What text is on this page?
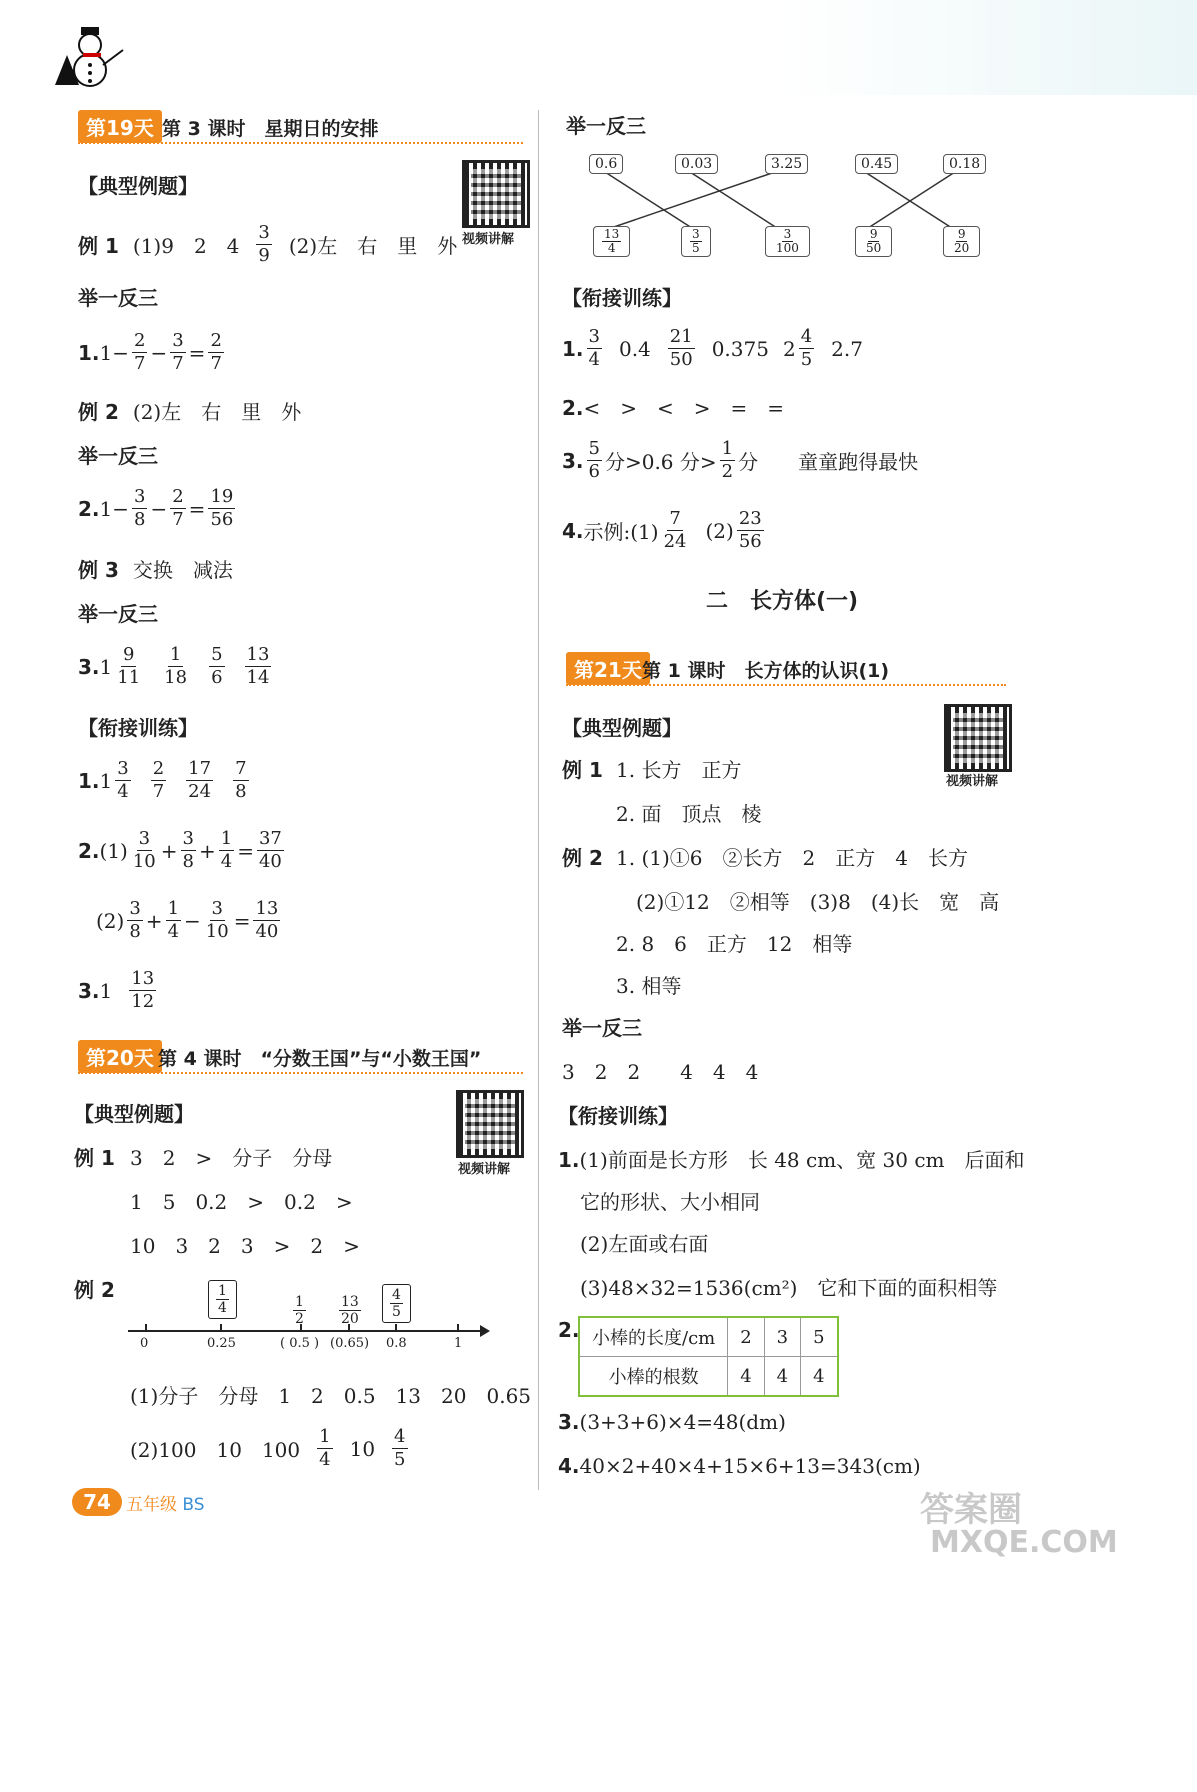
第19天 第 3 课时　星期日的安排
【典型例题】
视频讲解
例 1 (1)9　2　$4 \frac{3}{9} (2)$左　右　里　外
举一反三
1. $1- \frac{2}{7} - \frac{3}{7} = \frac{2}{7}$
例 2 (2)左　右　里　外
举一反三
2. $1- \frac{3}{8} - \frac{2}{7} = \frac{19}{56}$
例 3 交换　减法
举一反三
3. $1 \frac{9}{11} \frac{1}{18} \frac{5}{6} \frac{13}{14}$
【衔接训练】
1. $1 \frac{3}{4} \frac{2}{7} \frac{17}{24} \frac{7}{8}$
2. $(1) \frac{3}{10} + \frac{3}{8} + \frac{1}{4} = \frac{37}{40}$
$(2) \frac{3}{8} + \frac{1}{4} - \frac{3}{10} = \frac{13}{40}$
3. $1 \frac{13}{12}$
第20天 第 4 课时　“分数王国”与“小数王国”
【典型例题】
视频讲解
例 1 3　2　>　分子　分母
1　5　0.2　>　0.2　>
10　3　2　3　>　2　>
例 2
0	0.25	( 0.5 ) (0.65) 0.8	1
$\frac{1}{4}$	$\frac{1}{2} \frac{13}{20} \frac{4}{5}$
(1)分子　分母　1　2　0.5　13　20　0.65
(2)100　10　$100 \frac{1}{4} 10 \frac{4}{5}$
74 五年级 BS
举一反三
0.6	0.03	3.25	0.45	0.18
$\frac{13}{4}$	$\frac{3}{5}$	$\frac{3}{100}$	$\frac{9}{50}$	$\frac{9}{20}$
【衔接训练】
1. $\frac{3}{4} 0.4 \frac{21}{50} 0.375$ $2 \frac{4}{5} 2.7$
2.<　>　<　>　=　=
3. $\frac{5}{6}$ 分>0.6 分> $\frac{1}{2}$ 分　　童童跑得最快
4. 示例:(1) $\frac{7}{24} (2) \frac{23}{56}$
二　长方体(一)
第21天 第 1 课时　长方体的认识(1)
【典型例题】
视频讲解
例 1 1. 长方　正方
2. 面　顶点　棱
例 2 1. (1)①6　②长方　2　正方　4　长方
(2)①12　②相等　(3)8　(4)长　宽　高
2. 8　6　正方　12　相等
3. 相等
举一反三
3　2　2　　4　4　4
【衔接训练】
1.(1)前面是长方形　长 48 cm、宽 30 cm　后面和
它的形状、大小相同
(2)左面或右面
(3)48×32=1536(cm²)　它和下面的面积相等
2. 小棒的长度/cm	2	3	5
小棒的根数	4	4	4
3.(3+3+6)×4=48(dm)
4.40×2+40×4+15×6+13=343(cm)
答案圈
MXQE.COM
